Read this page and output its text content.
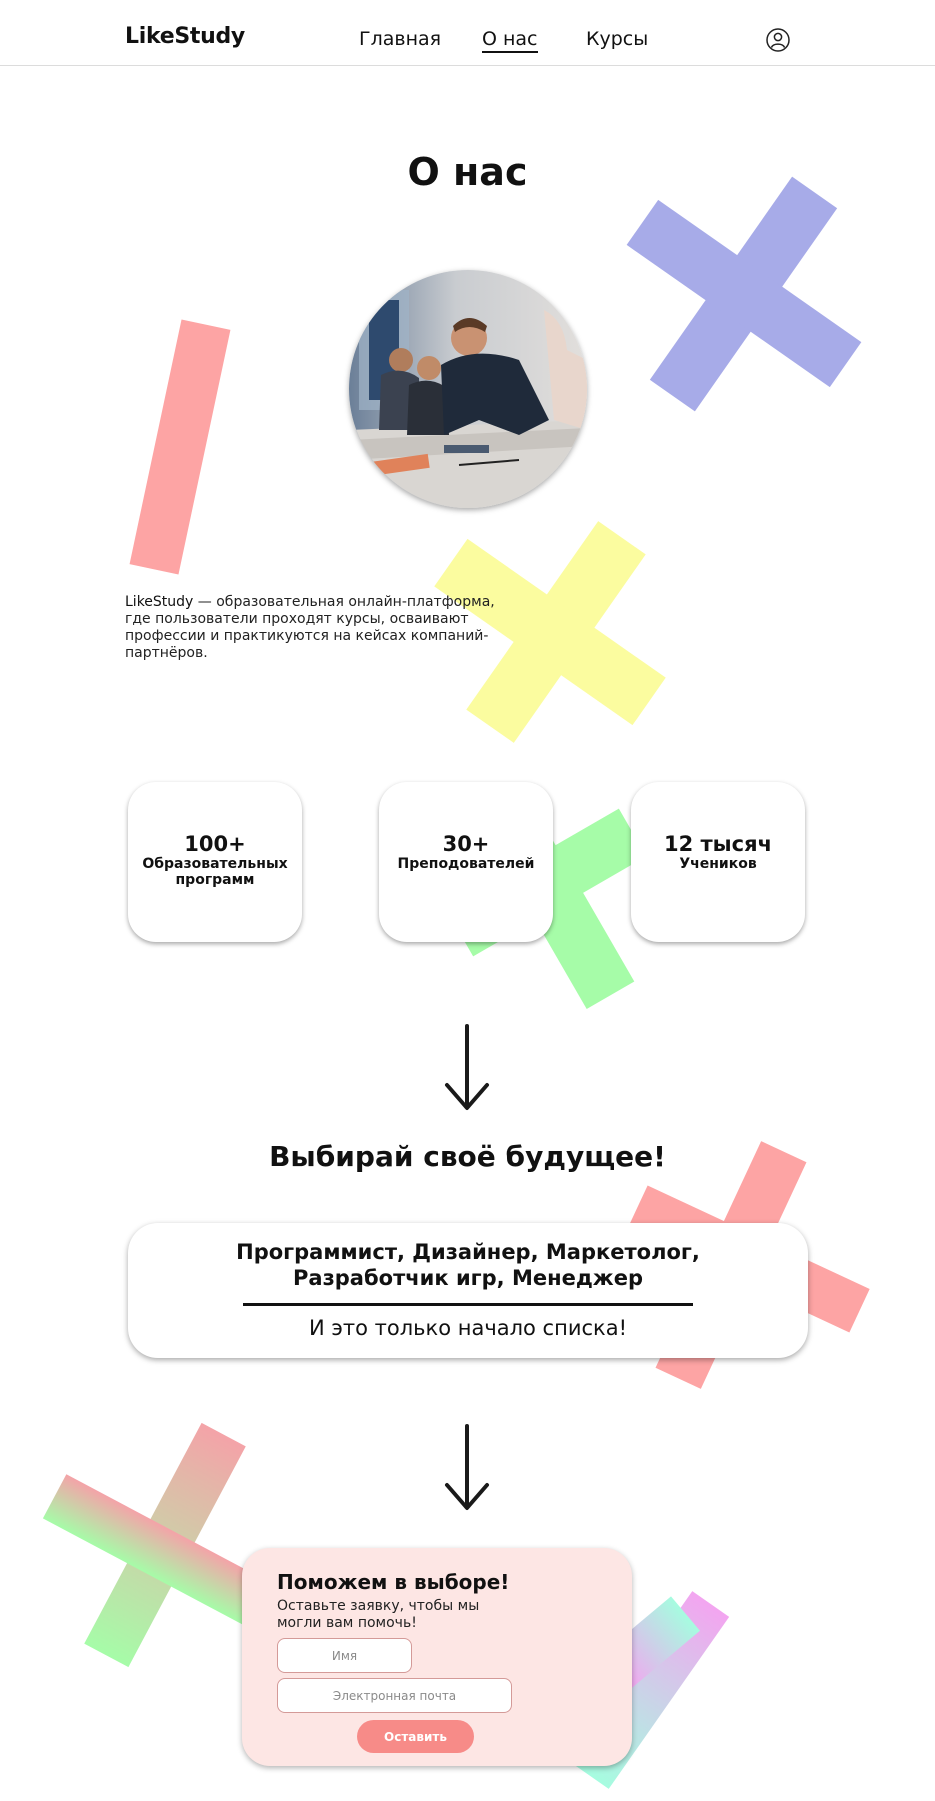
LikeStudy	Главная О нас	Курсы
О нас

LikeStudy — образовательная онлайн-платформа, где пользователи проходят курсы, осваивают профессии и практикуются на кейсах компаний-партнёров.

100+
Образовательных программ
30+
Преподователей
12 тысяч
Учеников
Выбирай своё будущее!
Программист, Дизайнер, Маркетолог, Разработчик игр, Менеджер
И это только начало списка!
Поможем в выборе!
Оставьте заявку, чтобы мы могли вам помочь!
Имя
Электронная почта
Оставить
